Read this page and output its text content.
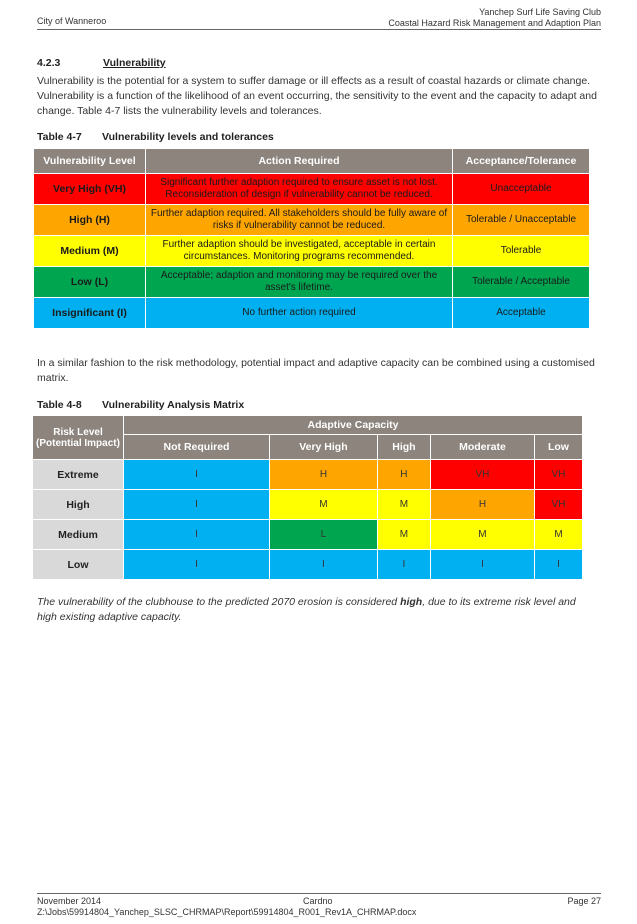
City of Wanneroo
Yanchep Surf Life Saving Club
Coastal Hazard Risk Management and Adaption Plan
4.2.3	Vulnerability

Vulnerability is the potential for a system to suffer damage or ill effects as a result of coastal hazards or climate change. Vulnerability is a function of the likelihood of an event occurring, the sensitivity to the event and the capacity to adapt and change. Table 4-7 lists the vulnerability levels and tolerances.

Table 4-7 Vulnerability levels and tolerances
Vulnerability Level	Action Required	Acceptance/Tolerance
Very High (VH)	Significant further adaption required to ensure asset is not lost. Reconsideration of design if vulnerability cannot be reduced.	Unacceptable
High (H)	Further adaption required. All stakeholders should be fully aware of risks if vulnerability cannot be reduced.	Tolerable / Unacceptable
Medium (M)	Further adaption should be investigated, acceptable in certain circumstances. Monitoring programs recommended.	Tolerable
Low (L)	Acceptable; adaption and monitoring may be required over the asset's lifetime.	Tolerable / Acceptable
Insignificant (I)	No further action required	Acceptable

In a similar fashion to the risk methodology, potential impact and adaptive capacity can be combined using a customised matrix.

Table 4-8 Vulnerability Analysis Matrix
Risk Level (Potential Impact)	Adaptive Capacity				
	Not Required	Very High	High	Moderate	Low
Extreme	I	H	H	VH	VH
High	I	M	M	H	VH
Medium	I	L	M	M	M
Low	I	I	I	I	I

The vulnerability of the clubhouse to the predicted 2070 erosion is considered high, due to its extreme risk level and high existing adaptive capacity.

November 2014
Z:\Jobs\59914804_Yanchep_SLSC_CHRMAP\Report\59914804_R001_Rev1A_CHRMAP.docx
Cardno	Page 27
